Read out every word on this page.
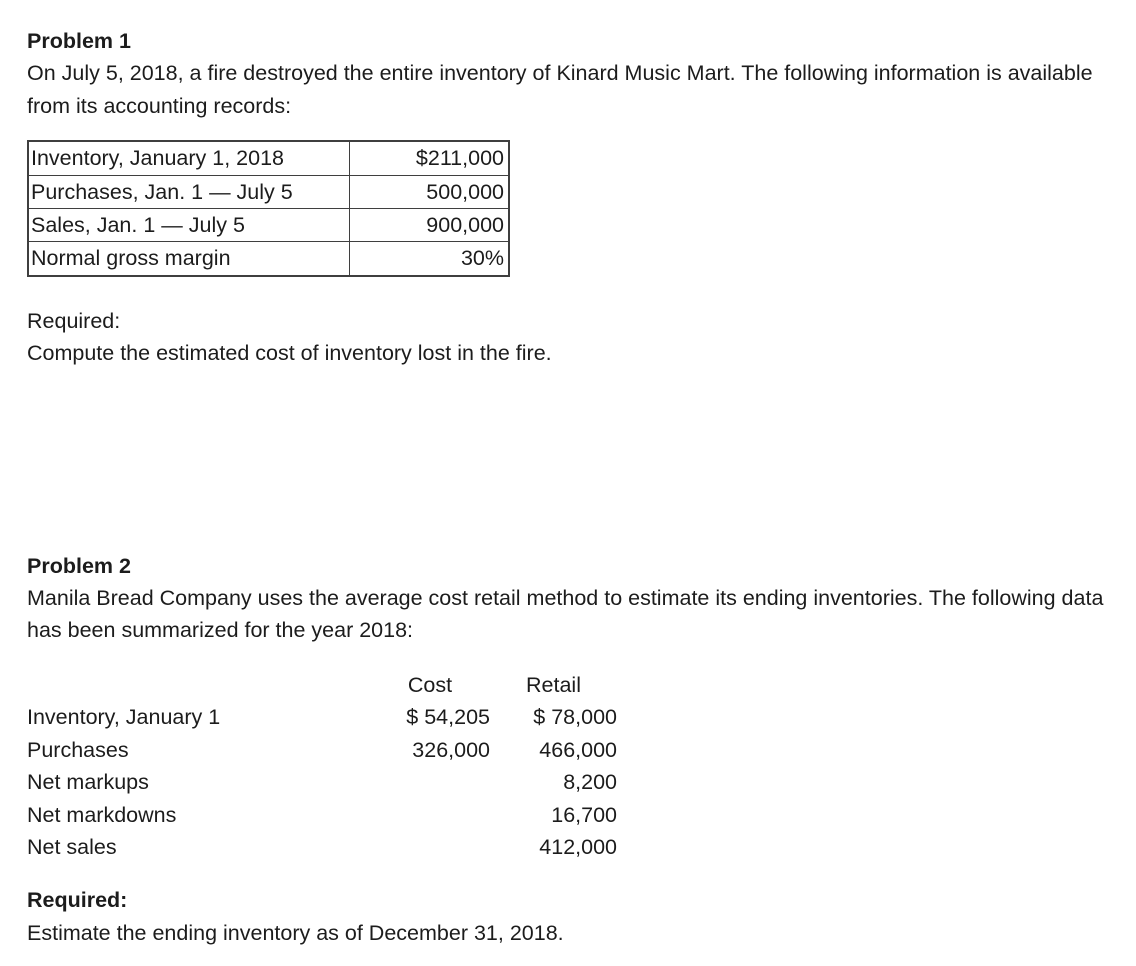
Problem 1
On July 5, 2018, a fire destroyed the entire inventory of Kinard Music Mart. The following information is available from its accounting records:
Inventory, January 1, 2018	$211,000
Purchases, Jan. 1 — July 5	500,000
Sales, Jan. 1 — July 5	900,000
Normal gross margin	30%
Required:
Compute the estimated cost of inventory lost in the fire.
Problem 2
Manila Bread Company uses the average cost retail method to estimate its ending inventories. The following data has been summarized for the year 2018:
	Cost	Retail
Inventory, January 1	$ 54,205	$ 78,000
Purchases	326,000	466,000
Net markups		8,200
Net markdowns		16,700
Net sales		412,000
Required:
Estimate the ending inventory as of December 31, 2018.
